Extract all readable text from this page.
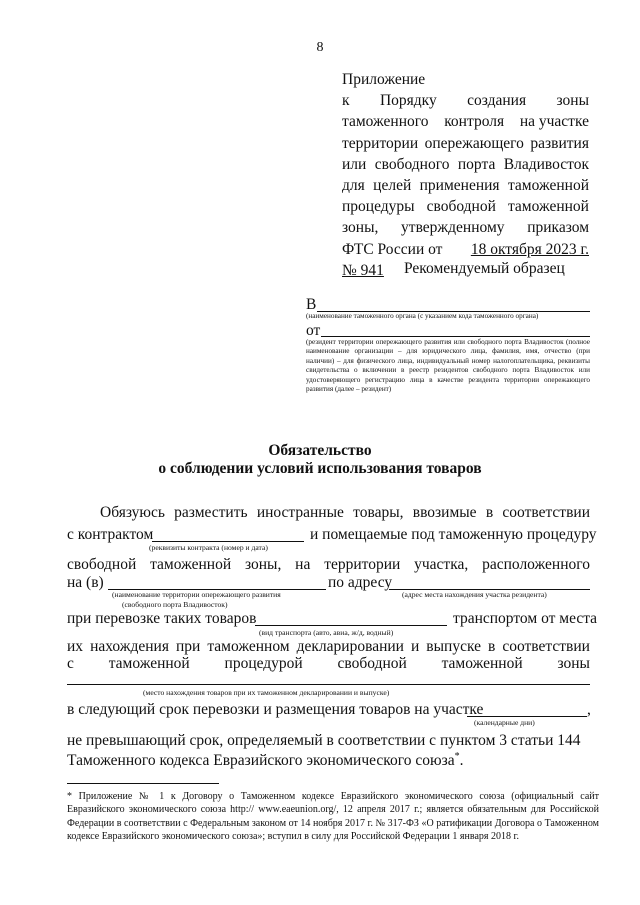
8
Приложение
к Порядку создания зоны
таможенного контроля на участке
территории опережающего развития
или свободного порта Владивосток
для целей применения таможенной
процедуры свободной таможенной
зоны, утвержденному приказом
ФТС России от 18 октября 2023 г.
№ 941	Рекомендуемый образец
В
(наименование таможенного органа (с указанием кода таможенного органа)
от
(резидент территории опережающего развития или свободного порта Владивосток (полное наименование организации – для юридического лица, фамилия, имя, отчество (при наличии) – для физического лица, индивидуальный номер налогоплательщика, реквизиты свидетельства о включении в реестр резидентов свободного порта Владивосток или удостоверяющего регистрацию лица в качестве резидента территории опережающего развития (далее – резидент)
Обязательство
о соблюдении условий использования товаров
Обязуюсь разместить иностранные товары, ввозимые в соответствии
с контрактом	и помещаемые под таможенную процедуру
(реквизиты контракта (номер и дата)
свободной таможенной зоны, на территории участка, расположенного
на (в)	по адресу
(наименование территории опережающего развития	(адрес места нахождения участка резидента)
(свободного порта Владивосток)
при перевозке таких товаров	транспортом от места
(вид транспорта (авто, авиа, ж/д, водный)
их нахождения при таможенном декларировании и выпуске в соответствии
с таможенной процедурой свободной таможенной зоны
(место нахождения товаров при их таможенном декларировании и выпуске)
в следующий срок перевозки и размещения товаров на участке	,
(календарные дни)
не превышающий срок, определяемый в соответствии с пунктом 3 статьи 144
Таможенного кодекса Евразийского экономического союза*.
* Приложение № 1 к Договору о Таможенном кодексе Евразийского экономического союза (официальный сайт Евразийского экономического союза http:// www.eaeunion.org/, 12 апреля 2017 г.; является обязательным для Российской Федерации в соответствии с Федеральным законом от 14 ноября 2017 г. № 317-ФЗ «О ратификации Договора о Таможенном кодексе Евразийского экономического союза»; вступил в силу для Российской Федерации 1 января 2018 г.
